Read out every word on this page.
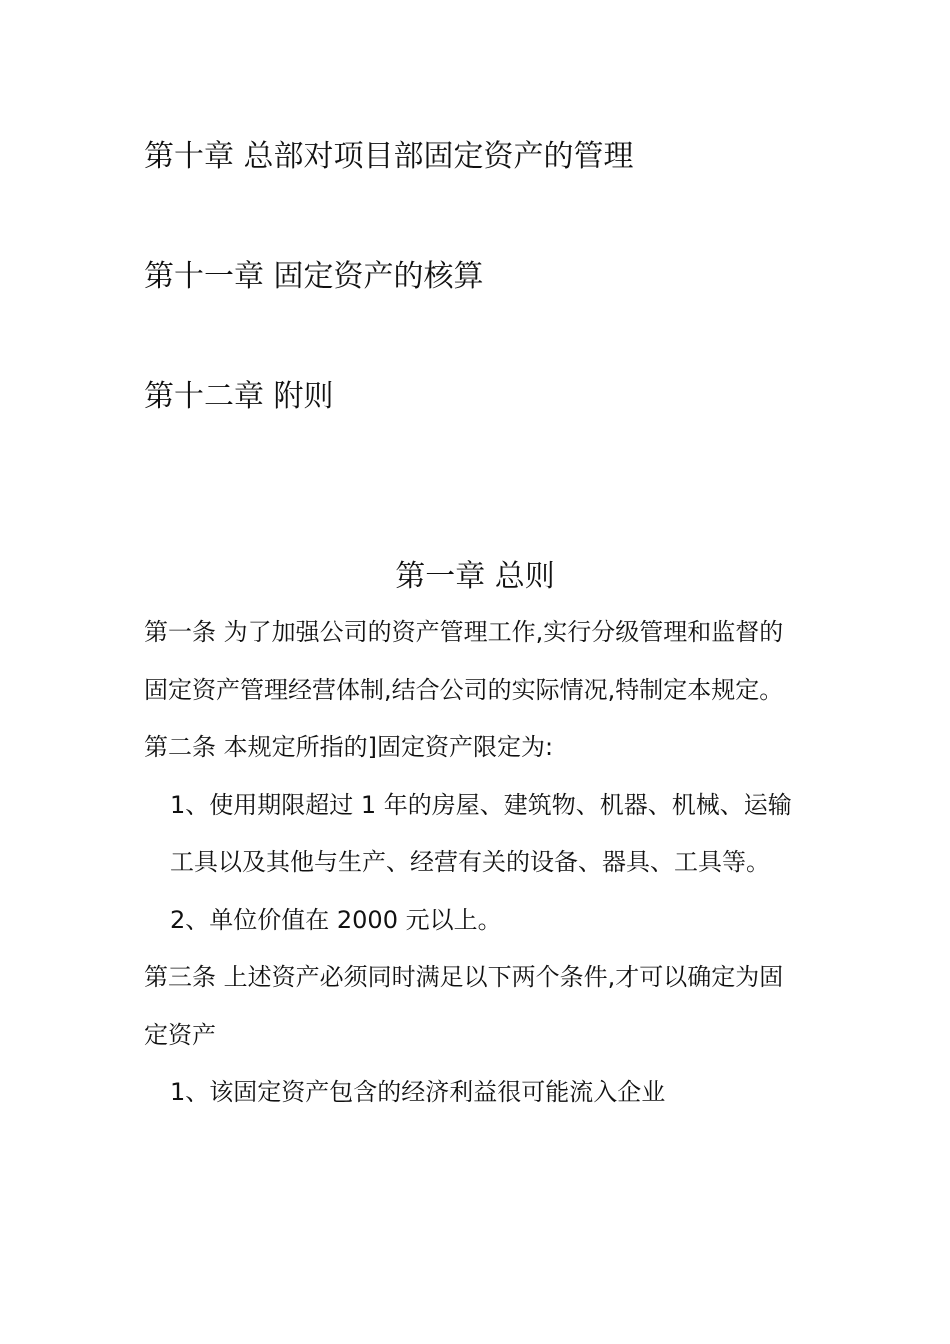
第十章 总部对项目部固定资产的管理
第十一章 固定资产的核算
第十二章 附则
第一章 总则

第一条 为了加强公司的资产管理工作,实行分级管理和监督的固定资产管理经营体制,结合公司的实际情况,特制定本规定。

第二条 本规定所指的]固定资产限定为:

1、使用期限超过 1 年的房屋、建筑物、机器、机械、运输工具以及其他与生产、经营有关的设备、器具、工具等。

2、单位价值在 2000 元以上。

第三条 上述资产必须同时满足以下两个条件,才可以确定为固定资产

1、该固定资产包含的经济利益很可能流入企业
